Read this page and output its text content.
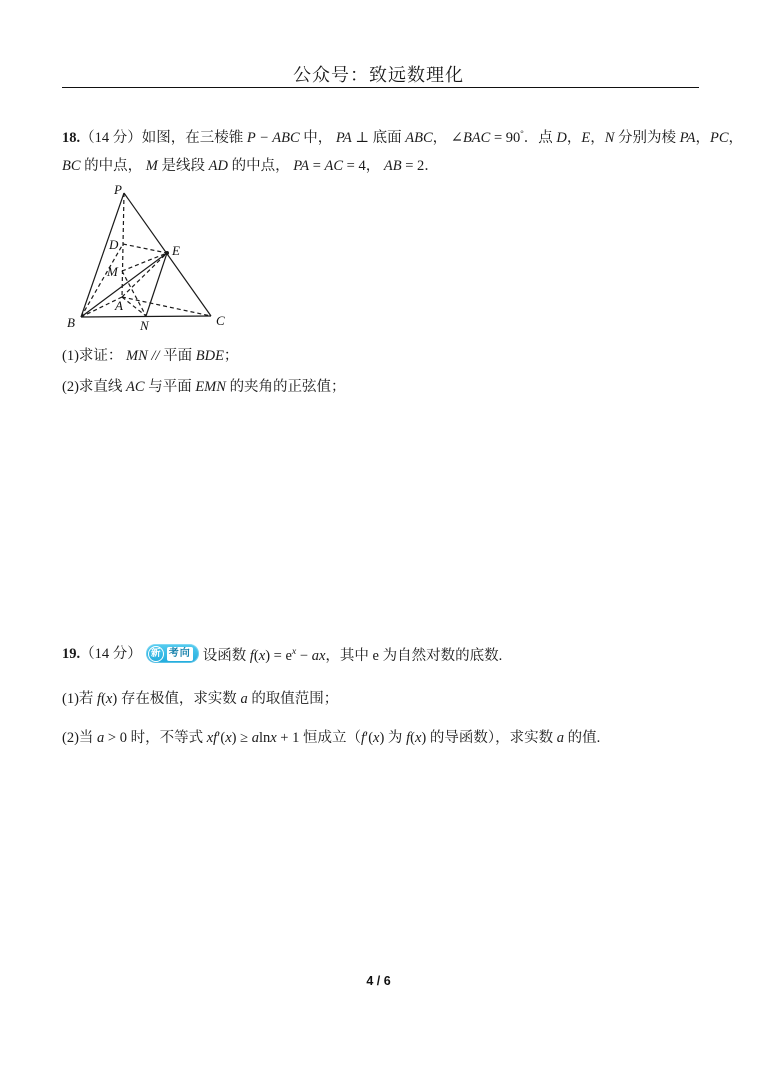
公众号：致远数理化
18.（14 分）如图，在三棱锥 P − ABC 中， PA ⊥ 底面 ABC， ∠BAC = 90°．点 D，E，N 分别为棱 PA，PC，
BC 的中点， M 是线段 AD 的中点， PA = AC = 4， AB = 2．
P
A
B	C
D
M
E
N
(1)求证： MN // 平面 BDE；
(2)求直线 AC 与平面 EMN 的夹角的正弦值；
19.（14 分） 新 考向 设函数 $f(x) = e^x$ − ax，其中 e 为自然对数的底数.
(1)若 f(x) 存在极值，求实数 a 的取值范围；
(2)当 a > 0 时，不等式 xf′(x) ≥ alnx + 1 恒成立（f′(x) 为 f(x) 的导函数），求实数 a 的值.
4 / 6
